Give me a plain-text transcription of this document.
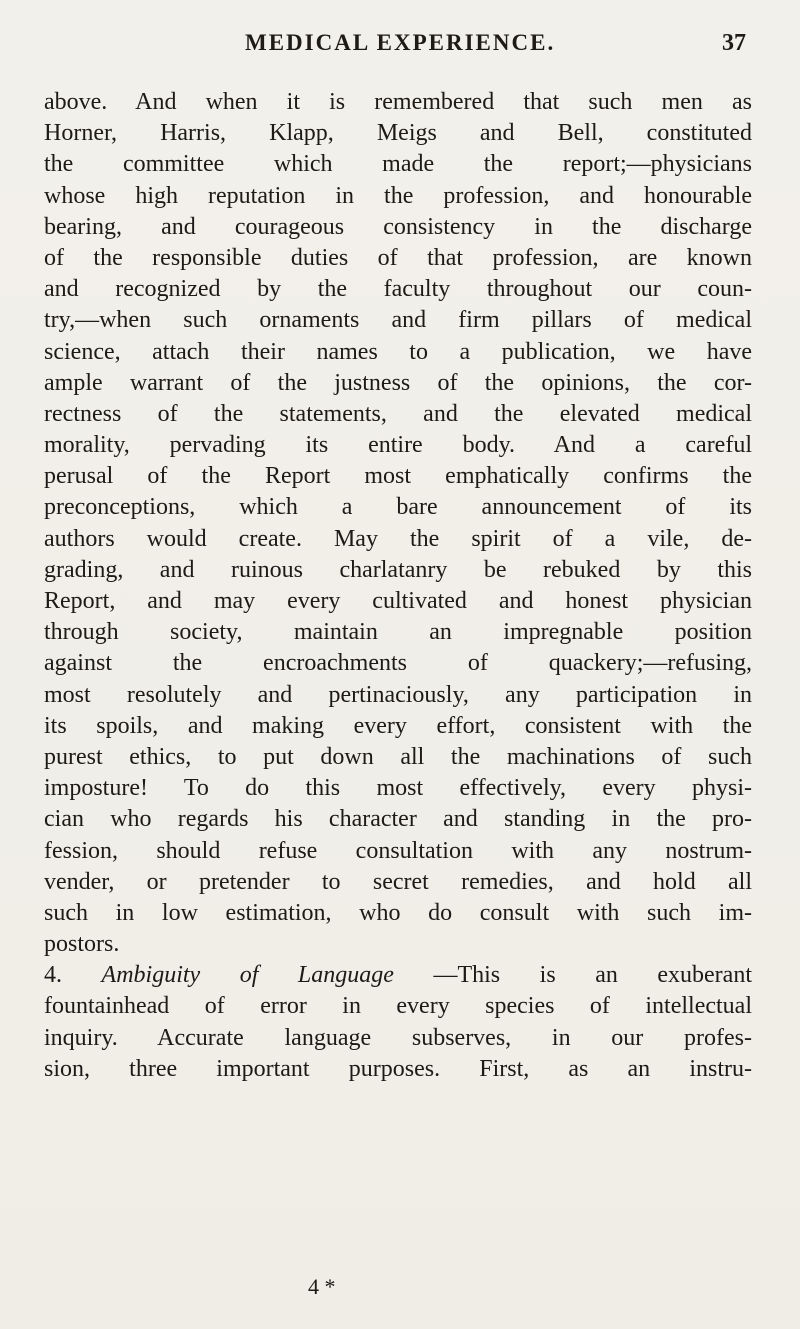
MEDICAL EXPERIENCE.	37
above. And when it is remembered that such men as
Horner, Harris, Klapp, Meigs and Bell, constituted
the committee which made the report;—physicians
whose high reputation in the profession, and honourable
bearing, and courageous consistency in the discharge
of the responsible duties of that profession, are known
and recognized by the faculty throughout our coun-
try,—when such ornaments and firm pillars of medical
science, attach their names to a publication, we have
ample warrant of the justness of the opinions, the cor-
rectness of the statements, and the elevated medical
morality, pervading its entire body. And a careful
perusal of the Report most emphatically confirms the
preconceptions, which a bare announcement of its
authors would create. May the spirit of a vile, de-
grading, and ruinous charlatanry be rebuked by this
Report, and may every cultivated and honest physician
through society, maintain an impregnable position
against the encroachments of quackery;—refusing,
most resolutely and pertinaciously, any participation in
its spoils, and making every effort, consistent with the
purest ethics, to put down all the machinations of such
imposture! To do this most effectively, every physi-
cian who regards his character and standing in the pro-
fession, should refuse consultation with any nostrum-
vender, or pretender to secret remedies, and hold all
such in low estimation, who do consult with such im-
postors.
4. Ambiguity of Language —This is an exuberant
fountainhead of error in every species of intellectual
inquiry. Accurate language subserves, in our profes-
sion, three important purposes. First, as an instru-
4 *
